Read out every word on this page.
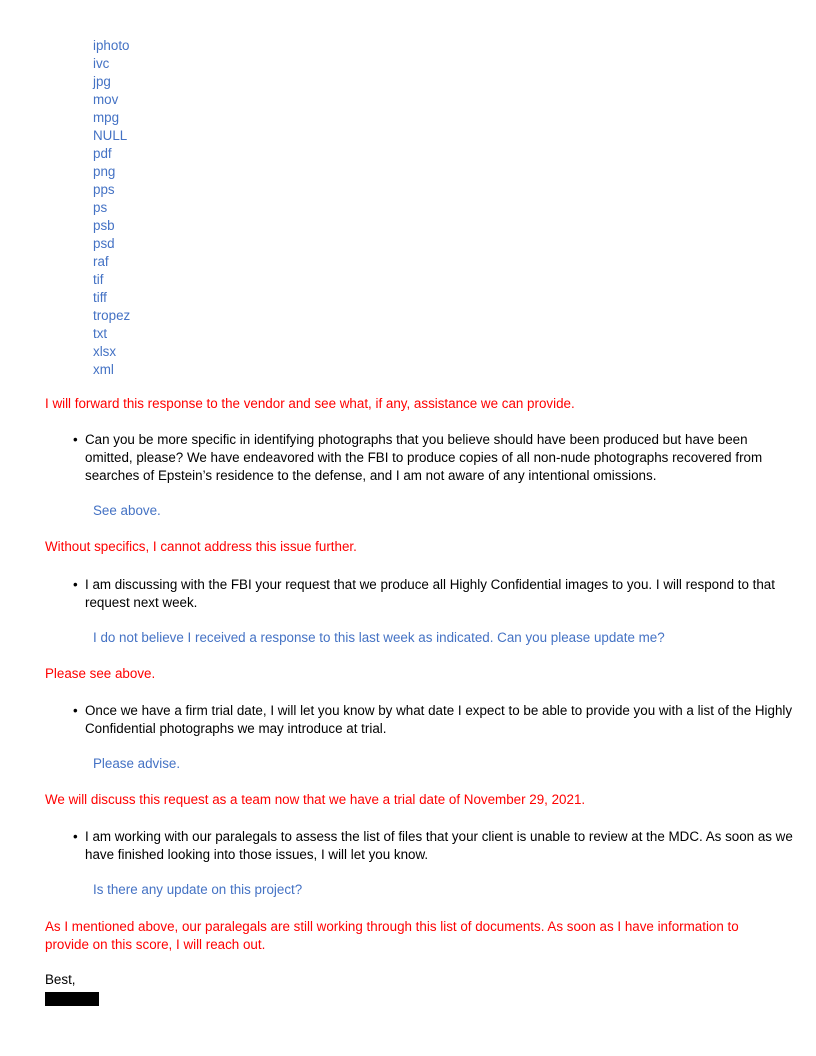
iphoto
ivc
jpg
mov
mpg
NULL
pdf
png
pps
ps
psb
psd
raf
tif
tiff
tropez
txt
xlsx
xml
I will forward this response to the vendor and see what, if any, assistance we can provide.
• Can you be more specific in identifying photographs that you believe should have been produced but have been omitted, please? We have endeavored with the FBI to produce copies of all non-nude photographs recovered from searches of Epstein’s residence to the defense, and I am not aware of any intentional omissions.
See above.
Without specifics, I cannot address this issue further.
• I am discussing with the FBI your request that we produce all Highly Confidential images to you. I will respond to that request next week.
I do not believe I received a response to this last week as indicated. Can you please update me?
Please see above.
• Once we have a firm trial date, I will let you know by what date I expect to be able to provide you with a list of the Highly Confidential photographs we may introduce at trial.
Please advise.
We will discuss this request as a team now that we have a trial date of November 29, 2021.
• I am working with our paralegals to assess the list of files that your client is unable to review at the MDC. As soon as we have finished looking into those issues, I will let you know.
Is there any update on this project?
As I mentioned above, our paralegals are still working through this list of documents. As soon as I have information to provide on this score, I will reach out.
Best,
